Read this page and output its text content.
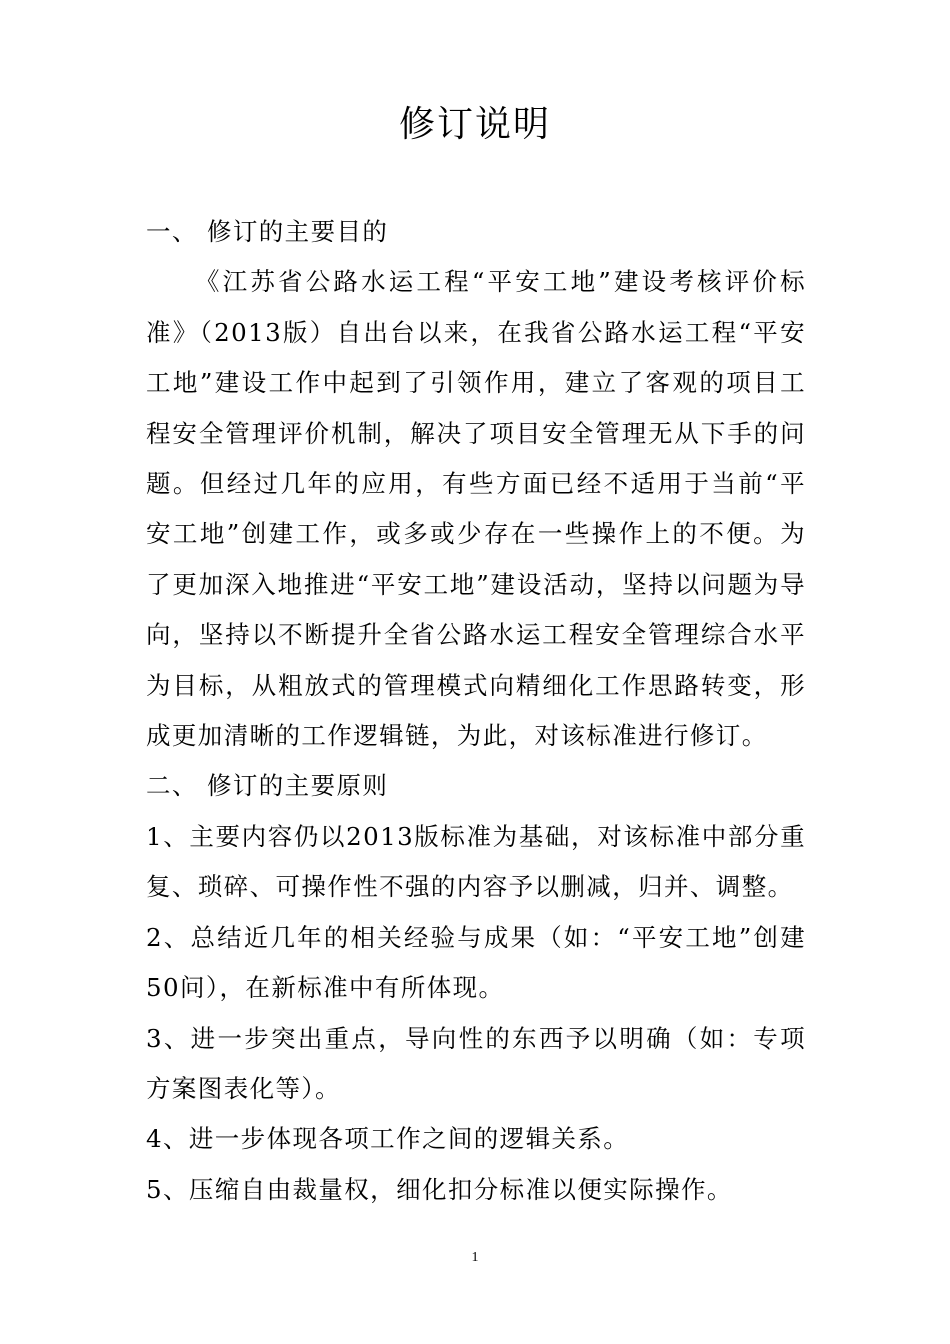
修订说明

一、 修订的主要目的

《江苏省公路水运工程“平安工地”建设考核评价标准》（2013版）自出台以来，在我省公路水运工程“平安工地”建设工作中起到了引领作用，建立了客观的项目工程安全管理评价机制，解决了项目安全管理无从下手的问题。但经过几年的应用，有些方面已经不适用于当前“平安工地”创建工作，或多或少存在一些操作上的不便。为了更加深入地推进“平安工地”建设活动，坚持以问题为导向，坚持以不断提升全省公路水运工程安全管理综合水平为目标，从粗放式的管理模式向精细化工作思路转变，形成更加清晰的工作逻辑链，为此，对该标准进行修订。

二、 修订的主要原则

1、主要内容仍以2013版标准为基础，对该标准中部分重复、琐碎、可操作性不强的内容予以删减，归并、调整。

2、总结近几年的相关经验与成果（如：“平安工地”创建 50问），在新标准中有所体现。

3、进一步突出重点，导向性的东西予以明确（如：专项方案图表化等）。

4、进一步体现各项工作之间的逻辑关系。

5、压缩自由裁量权，细化扣分标准以便实际操作。

1
